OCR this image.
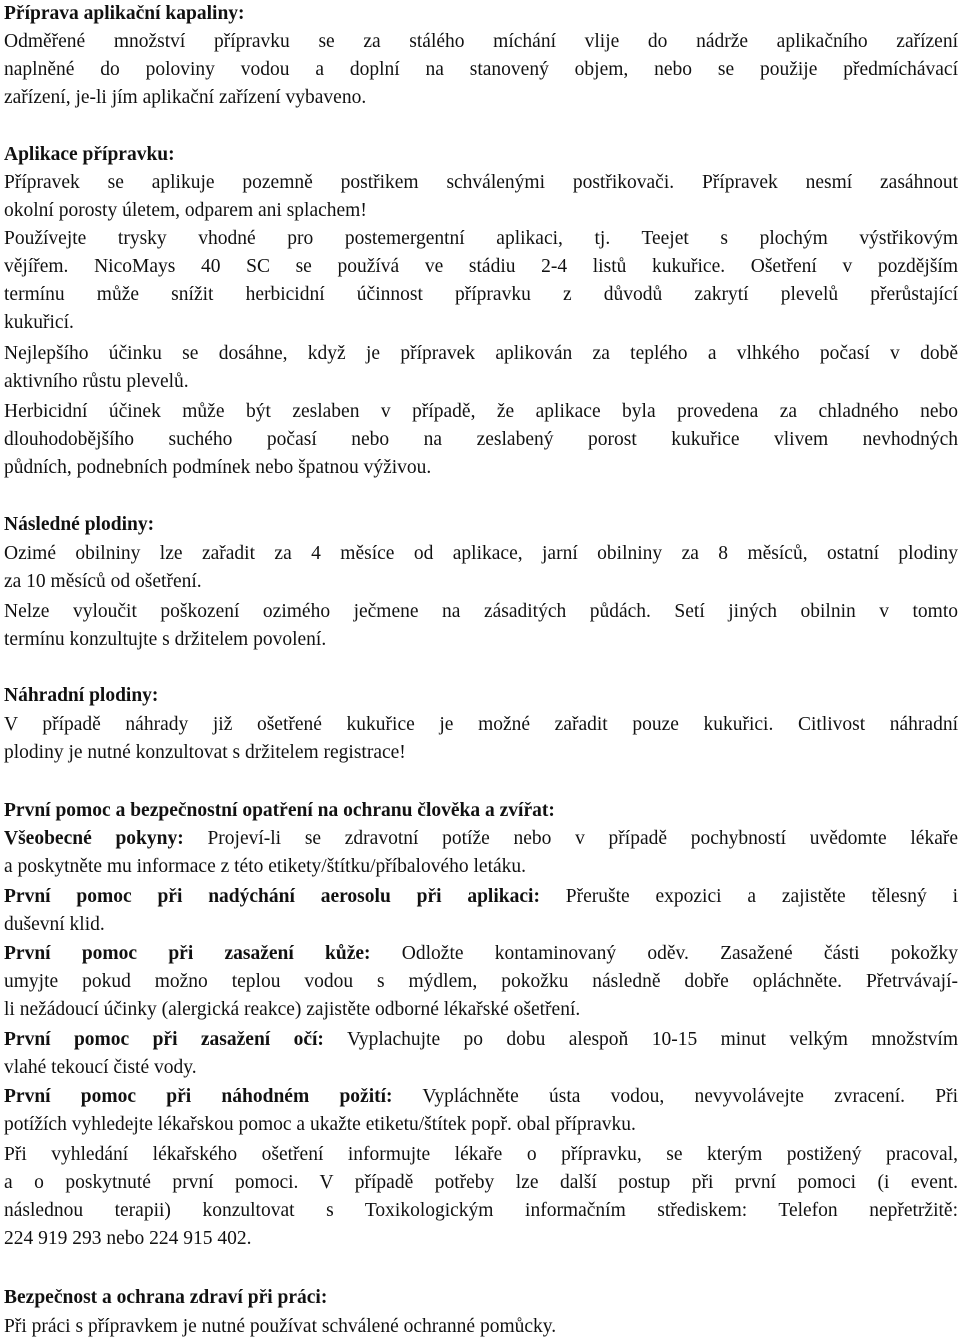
Příprava aplikační kapaliny:
Odměřené množství přípravku se za stálého míchání vlije do nádrže aplikačního zařízení
naplněné do poloviny vodou a doplní na stanovený objem, nebo se použije předmíchávací
zařízení, je-li jím aplikační zařízení vybaveno.
Aplikace přípravku:
Přípravek se aplikuje pozemně postřikem schválenými postřikovači. Přípravek nesmí zasáhnout
okolní porosty úletem, odparem ani splachem!
Používejte trysky vhodné pro postemergentní aplikaci, tj. Teejet s plochým výstřikovým
vějířem. NicoMays 40 SC se používá ve stádiu 2-4 listů kukuřice. Ošetření v pozdějším
termínu může snížit herbicidní účinnost přípravku z důvodů zakrytí plevelů přerůstající
kukuřicí.
Nejlepšího účinku se dosáhne, když je přípravek aplikován za teplého a vlhkého počasí v době
aktivního růstu plevelů.
Herbicidní účinek může být zeslaben v případě, že aplikace byla provedena za chladného nebo
dlouhodobějšího suchého počasí nebo na zeslabený porost kukuřice vlivem nevhodných
půdních, podnebních podmínek nebo špatnou výživou.
Následné plodiny:
Ozimé obilniny lze zařadit za 4 měsíce od aplikace, jarní obilniny za 8 měsíců, ostatní plodiny
za 10 měsíců od ošetření.
Nelze vyloučit poškození ozimého ječmene na zásaditých půdách. Setí jiných obilnin v tomto
termínu konzultujte s držitelem povolení.
Náhradní plodiny:
V případě náhrady již ošetřené kukuřice je možné zařadit pouze kukuřici. Citlivost náhradní
plodiny je nutné konzultovat s držitelem registrace!
První pomoc a bezpečnostní opatření na ochranu člověka a zvířat:
Všeobecné pokyny: Projeví-li se zdravotní potíže nebo v případě pochybností uvědomte lékaře
a poskytněte mu informace z této etikety/štítku/příbalového letáku.
První pomoc při nadýchání aerosolu při aplikaci: Přerušte expozici a zajistěte tělesný i
duševní klid.
První pomoc při zasažení kůže: Odložte kontaminovaný oděv. Zasažené části pokožky
umyjte pokud možno teplou vodou s mýdlem, pokožku následně dobře opláchněte. Přetrvávají-
li nežádoucí účinky (alergická reakce) zajistěte odborné lékařské ošetření.
První pomoc při zasažení očí: Vyplachujte po dobu alespoň 10-15 minut velkým množstvím
vlahé tekoucí čisté vody.
První pomoc při náhodném požití: Vypláchněte ústa vodou, nevyvolávejte zvracení. Při
potížích vyhledejte lékařskou pomoc a ukažte etiketu/štítek popř. obal přípravku.
Při vyhledání lékařského ošetření informujte lékaře o přípravku, se kterým postižený pracoval,
a o poskytnuté první pomoci. V případě potřeby lze další postup při první pomoci (i event.
následnou terapii) konzultovat s Toxikologickým informačním střediskem: Telefon nepřetržitě:
224 919 293 nebo 224 915 402.
Bezpečnost a ochrana zdraví při práci:
Při práci s přípravkem je nutné používat schválené ochranné pomůcky.
